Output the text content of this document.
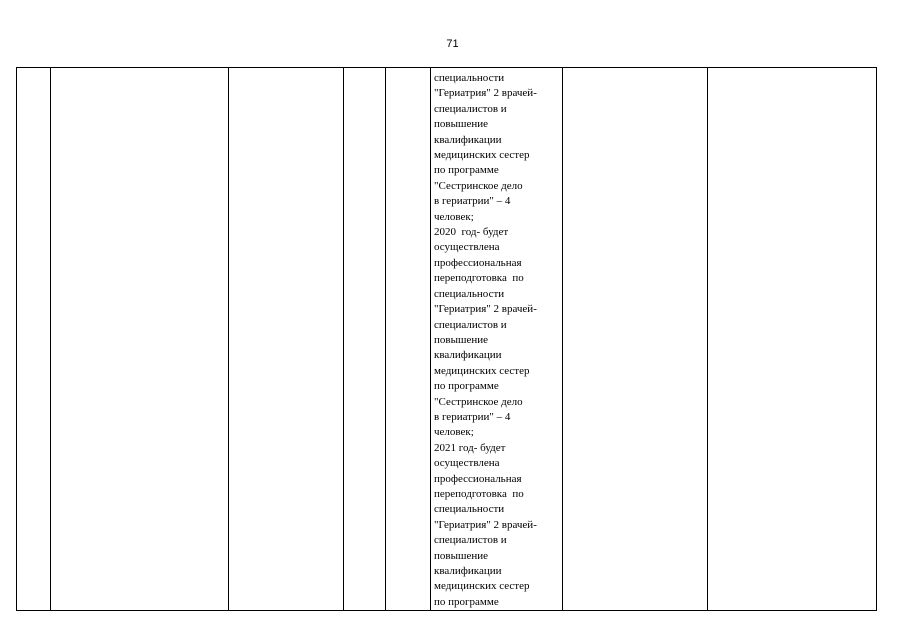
71

специальности
"Гериатрия" 2 врачей-
специалистов и
повышение
квалификации
медицинских сестер
по программе
"Сестринское дело
в гериатрии" – 4
человек;
2020  год- будет
осуществлена
профессиональная
переподготовка  по
специальности
"Гериатрия" 2 врачей-
специалистов и
повышение
квалификации
медицинских сестер
по программе
"Сестринское дело
в гериатрии" – 4
человек;
2021 год- будет
осуществлена
профессиональная
переподготовка  по
специальности
"Гериатрия" 2 врачей-
специалистов и
повышение
квалификации
медицинских сестер
по программе
